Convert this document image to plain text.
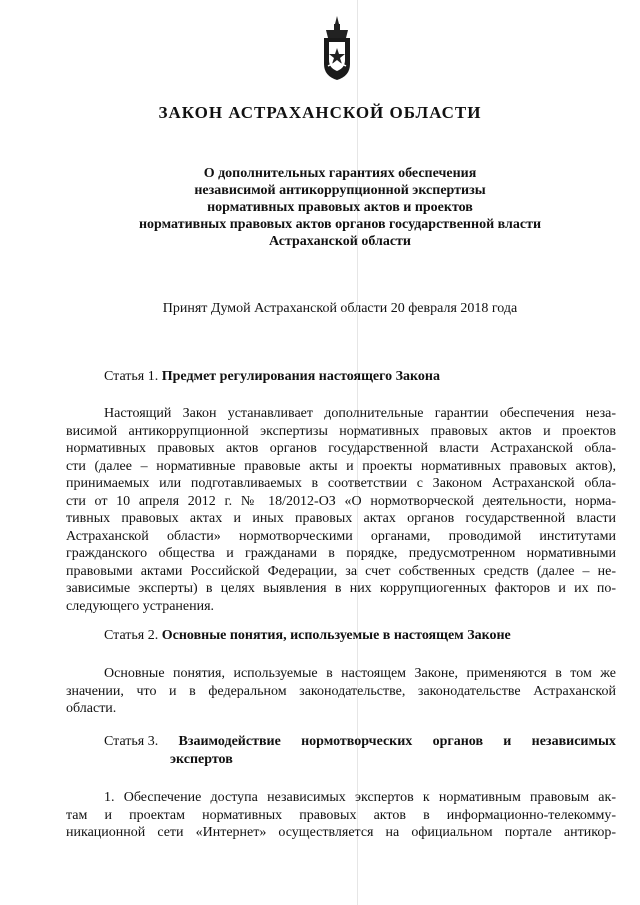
ЗАКОН АСТРАХАНСКОЙ ОБЛАСТИ
О дополнительных гарантиях обеспечения
независимой антикоррупционной экспертизы
нормативных правовых актов и проектов
нормативных правовых актов органов государственной власти
Астраханской области
Принят Думой Астраханской области 20 февраля 2018 года
Статья 1. Предмет регулирования настоящего Закона
Настоящий Закон устанавливает дополнительные гарантии обеспечения неза-
висимой антикоррупционной экспертизы нормативных правовых актов и проектов
нормативных правовых актов органов государственной власти Астраханской обла-
сти (далее – нормативные правовые акты и проекты нормативных правовых актов),
принимаемых или подготавливаемых в соответствии с Законом Астраханской обла-
сти от 10 апреля 2012 г. № 18/2012-ОЗ «О нормотворческой деятельности, норма-
тивных правовых актах и иных правовых актах органов государственной власти
Астраханской области» нормотворческими органами, проводимой институтами
гражданского общества и гражданами в порядке, предусмотренном нормативными
правовыми актами Российской Федерации, за счет собственных средств (далее – не-
зависимые эксперты) в целях выявления в них коррупциогенных факторов и их по-
следующего устранения.
Статья 2. Основные понятия, используемые в настоящем Законе
Основные понятия, используемые в настоящем Законе, применяются в том же
значении, что и в федеральном законодательстве, законодательстве Астраханской
области.
Статья 3. Взаимодействие нормотворческих органов и независимых
экспертов
1. Обеспечение доступа независимых экспертов к нормативным правовым ак-
там и проектам нормативных правовых актов в информационно-телекомму-
никационной сети «Интернет» осуществляется на официальном портале антикор-
